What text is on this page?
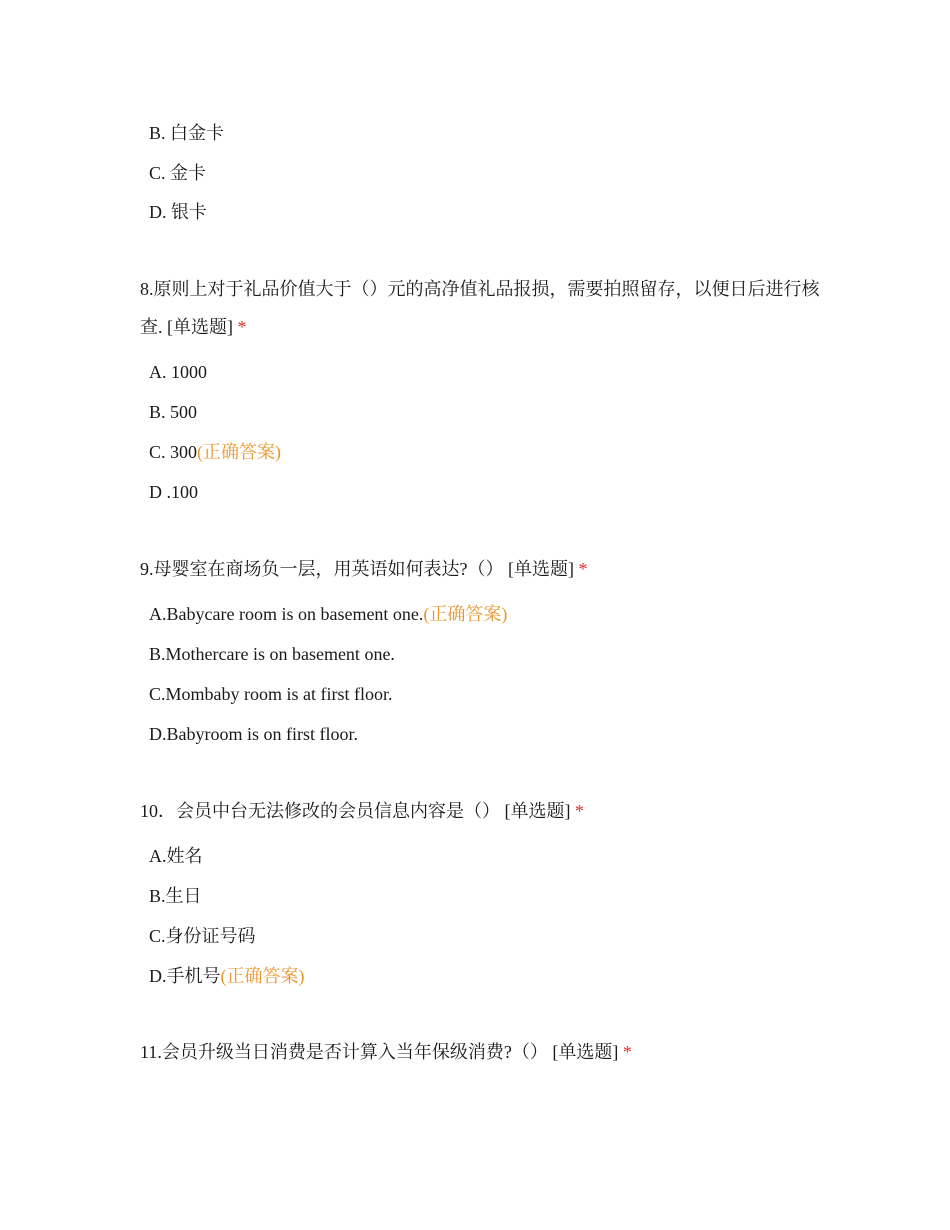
B. 白金卡
C. 金卡
D. 银卡
8.原则上对于礼品价值大于（）元的高净值礼品报损，需要拍照留存，以便日后进行核查. [单选题] *
A. 1000
B. 500
C. 300(正确答案)
D .100
9.母婴室在商场负一层，用英语如何表达?（） [单选题] *
A.Babycare room is on basement one.(正确答案)
B.Mothercare is on basement one.
C.Mombaby room is at first floor.
D.Babyroom is on first floor.
10．会员中台无法修改的会员信息内容是（） [单选题] *
A.姓名
B.生日
C.身份证号码
D.手机号(正确答案)
11.会员升级当日消费是否计算入当年保级消费?（） [单选题] *
